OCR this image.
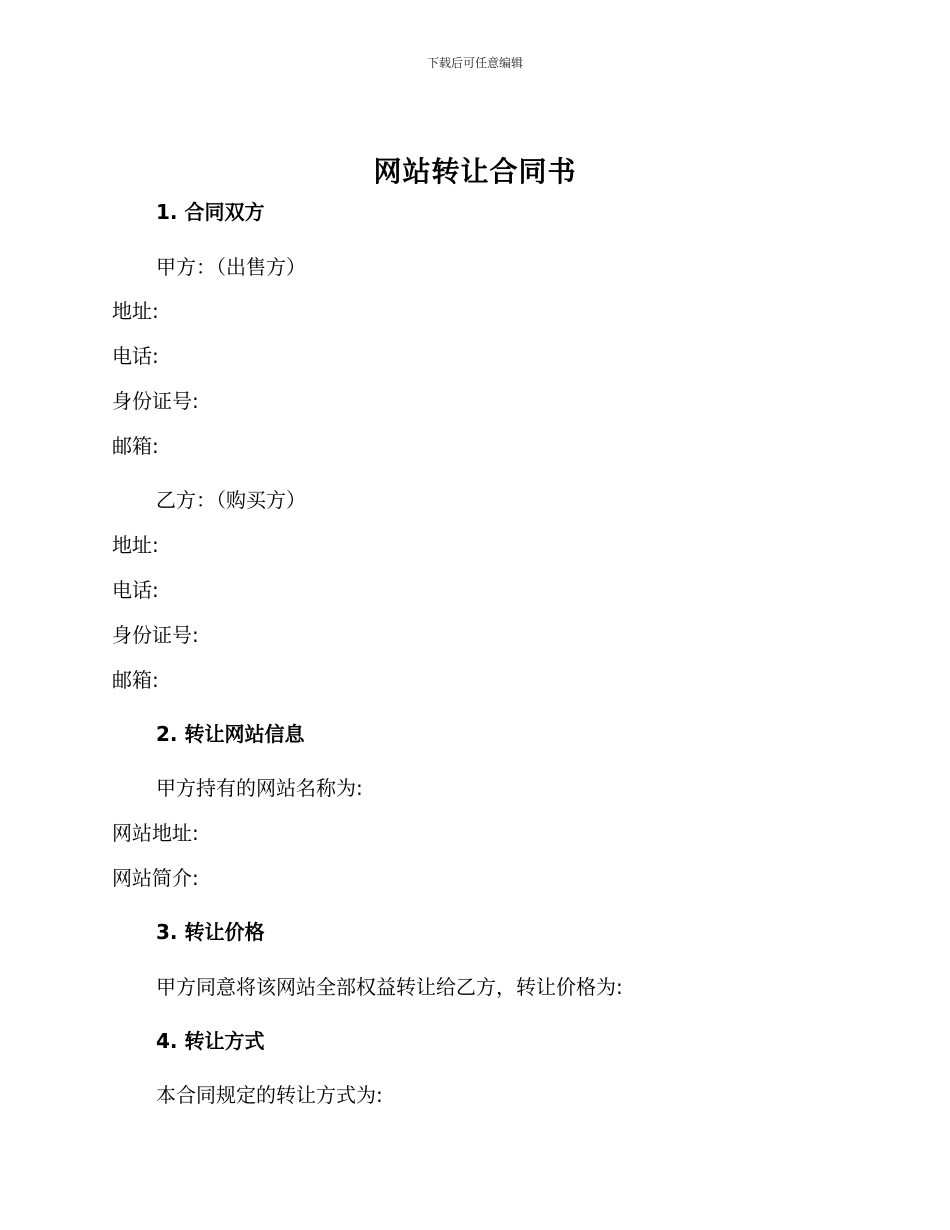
下载后可任意编辑
网站转让合同书
1. 合同双方
甲方：（出售方）
地址:
电话:
身份证号:
邮箱:
乙方：（购买方）
地址:
电话:
身份证号:
邮箱:
2. 转让网站信息
甲方持有的网站名称为:
网站地址:
网站简介:
3. 转让价格
甲方同意将该网站全部权益转让给乙方，转让价格为:
4. 转让方式
本合同规定的转让方式为:
